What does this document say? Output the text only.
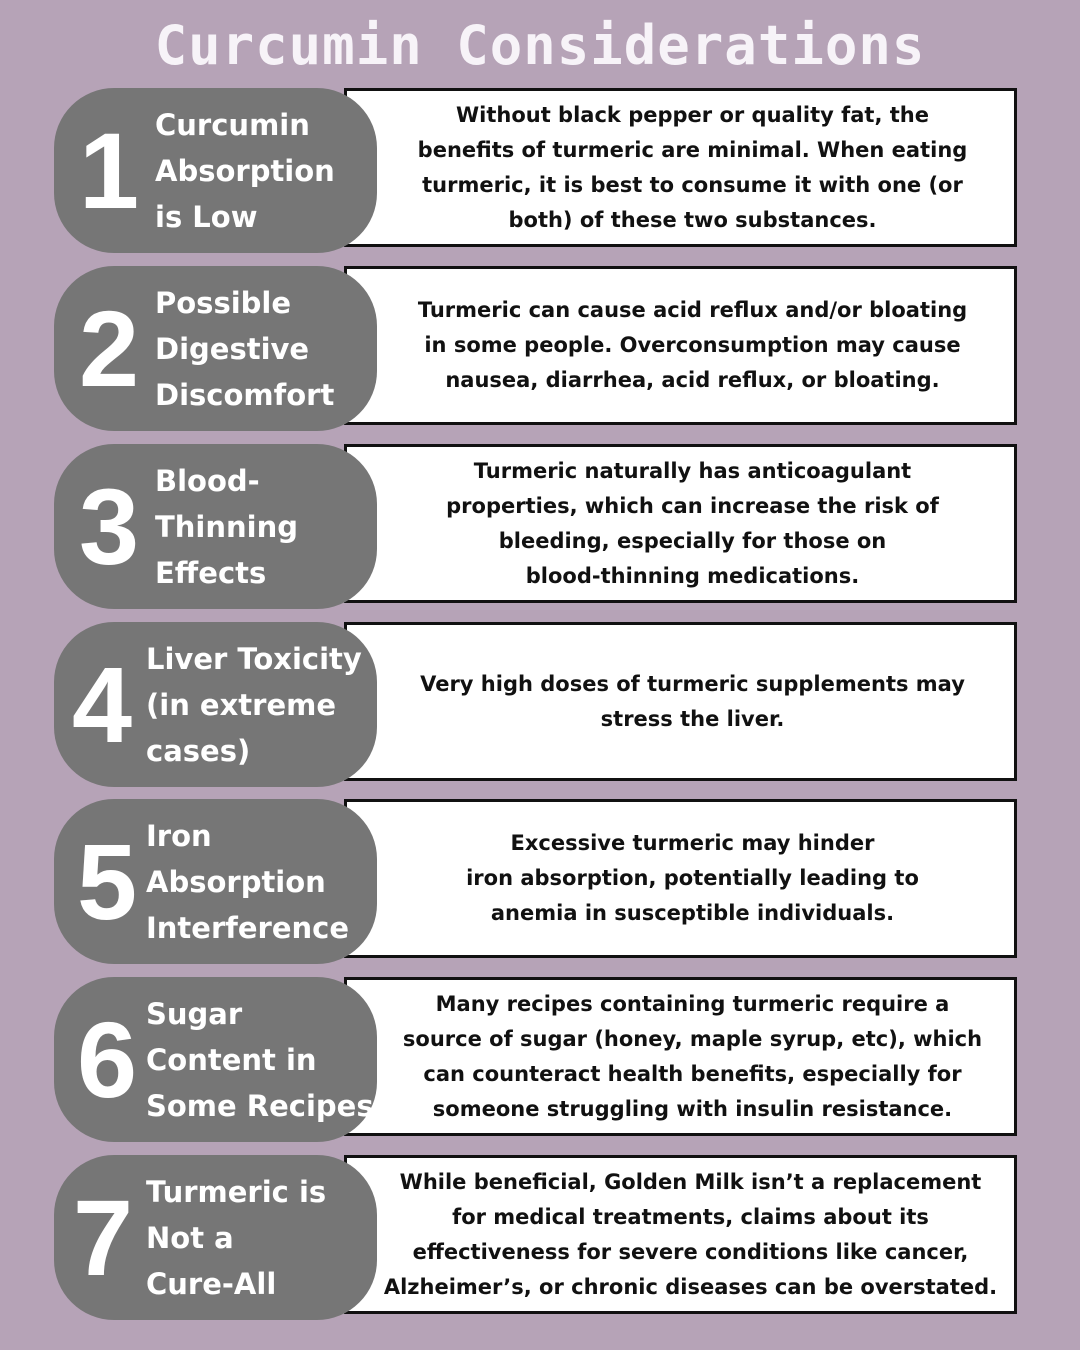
Curcumin Considerations
Without black pepper or quality fat, the
benefits of turmeric are minimal. When eating
turmeric, it is best to consume it with one (or
both) of these two substances.
1 Curcumin
Absorption
is Low
Turmeric can cause acid reflux and/or bloating
in some people. Overconsumption may cause
nausea, diarrhea, acid reflux, or bloating.
2 Possible
Digestive
Discomfort
Turmeric naturally has anticoagulant
properties, which can increase the risk of
bleeding, especially for those on
blood-thinning medications.
3 Blood-
Thinning
Effects
Very high doses of turmeric supplements may
stress the liver.
4 Liver Toxicity
(in extreme
cases)
Excessive turmeric may hinder
iron absorption, potentially leading to
anemia in susceptible individuals.
5 Iron
Absorption
Interference
Many recipes containing turmeric require a
source of sugar (honey, maple syrup, etc), which
can counteract health benefits, especially for
someone struggling with insulin resistance.
6 Sugar
Content in
Some Recipes
While beneficial, Golden Milk isn’t a replacement
for medical treatments, claims about its
effectiveness for severe conditions like cancer,
Alzheimer’s, or chronic diseases can be overstated.
7 Turmeric is
Not a
Cure-All
